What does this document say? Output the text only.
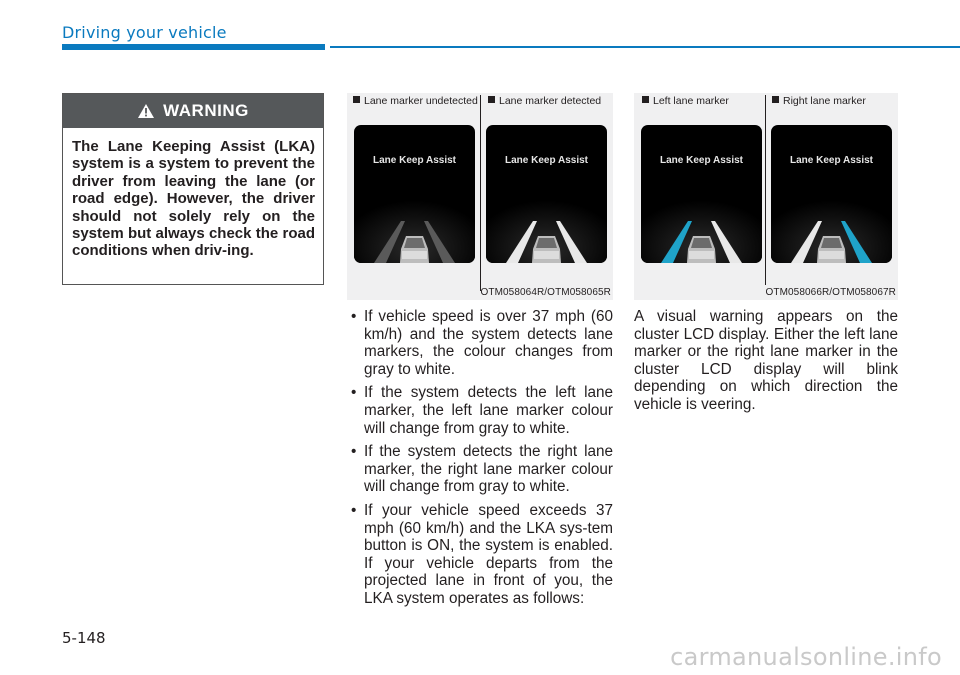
Driving your vehicle
WARNING
The Lane Keeping Assist (LKA) system is a system to prevent the driver from leaving the lane (or road edge). However, the driver should not solely rely on the system but always check the road conditions when driv-ing.
Lane marker undetected	Lane marker detected
Lane Keep Assist	Lane Keep Assist
OTM058064R/OTM058065R
Left lane marker	Right lane marker
Lane Keep Assist	Lane Keep Assist
OTM058066R/OTM058067R
• If vehicle speed is over 37 mph (60 km/h) and the system detects lane markers, the colour changes from gray to white.
• If the system detects the left lane marker, the left lane marker colour will change from gray to white.
• If the system detects the right lane marker, the right lane marker colour will change from gray to white.
• If your vehicle speed exceeds 37 mph (60 km/h) and the LKA sys-tem button is ON, the system is enabled. If your vehicle departs from the projected lane in front of you, the LKA system operates as follows:

A visual warning appears on the cluster LCD display. Either the left lane marker or the right lane marker in the cluster LCD display will blink depending on which direction the vehicle is veering.

5-148
carmanualsonline.info
